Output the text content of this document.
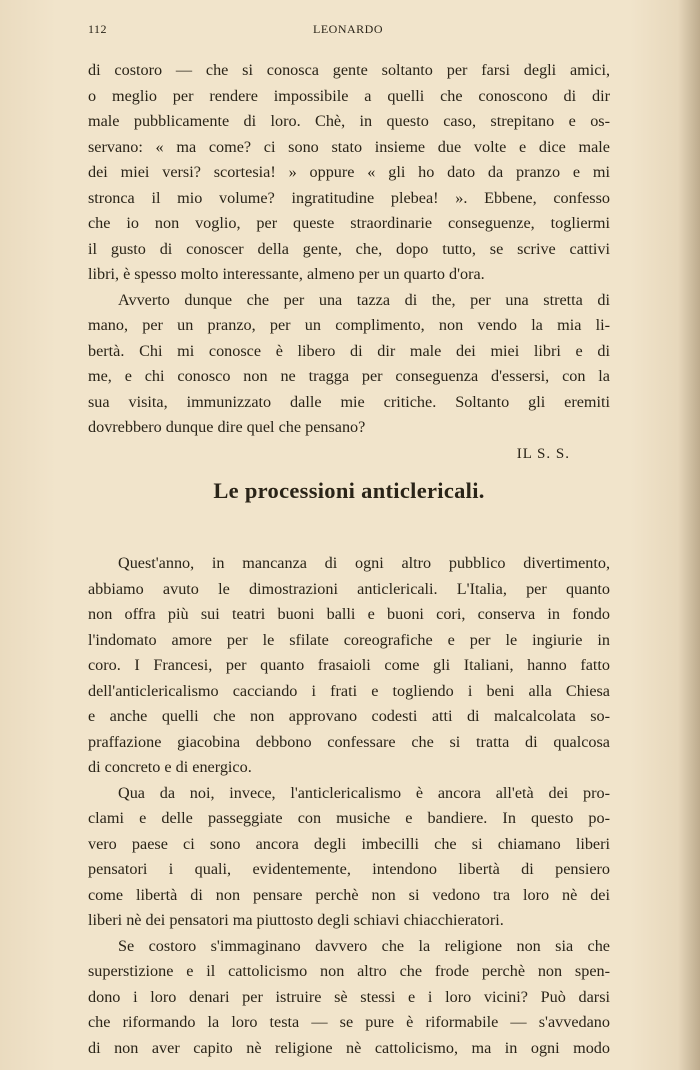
112	LEONARDO
di costoro — che si conosca gente soltanto per farsi degli amici,
o meglio per rendere impossibile a quelli che conoscono di dir
male pubblicamente di loro. Chè, in questo caso, strepitano e os-
servano: « ma come? ci sono stato insieme due volte e dice male
dei miei versi? scortesia! » oppure « gli ho dato da pranzo e mi
stronca il mio volume? ingratitudine plebea! ». Ebbene, confesso
che io non voglio, per queste straordinarie conseguenze, togliermi
il gusto di conoscer della gente, che, dopo tutto, se scrive cattivi
libri, è spesso molto interessante, almeno per un quarto d'ora.
Avverto dunque che per una tazza di the, per una stretta di
mano, per un pranzo, per un complimento, non vendo la mia li-
bertà. Chi mi conosce è libero di dir male dei miei libri e di
me, e chi conosco non ne tragga per conseguenza d'essersi, con la
sua visita, immunizzato dalle mie critiche. Soltanto gli eremiti
dovrebbero dunque dire quel che pensano?
IL S. S.
Le processioni anticlericali.
Quest'anno, in mancanza di ogni altro pubblico divertimento,
abbiamo avuto le dimostrazioni anticlericali. L'Italia, per quanto
non offra più sui teatri buoni balli e buoni cori, conserva in fondo
l'indomato amore per le sfilate coreografiche e per le ingiurie in
coro. I Francesi, per quanto frasaioli come gli Italiani, hanno fatto
dell'anticlericalismo cacciando i frati e togliendo i beni alla Chiesa
e anche quelli che non approvano codesti atti di malcalcolata so-
praffazione giacobina debbono confessare che si tratta di qualcosa
di concreto e di energico.
Qua da noi, invece, l'anticlericalismo è ancora all'età dei pro-
clami e delle passeggiate con musiche e bandiere. In questo po-
vero paese ci sono ancora degli imbecilli che si chiamano liberi
pensatori i quali, evidentemente, intendono libertà di pensiero
come libertà di non pensare perchè non si vedono tra loro nè dei
liberi nè dei pensatori ma piuttosto degli schiavi chiacchieratori.
Se costoro s'immaginano davvero che la religione non sia che
superstizione e il cattolicismo non altro che frode perchè non spen-
dono i loro denari per istruire sè stessi e i loro vicini? Può darsi
che riformando la loro testa — se pure è riformabile — s'avvedano
di non aver capito nè religione nè cattolicismo, ma in ogni modo
